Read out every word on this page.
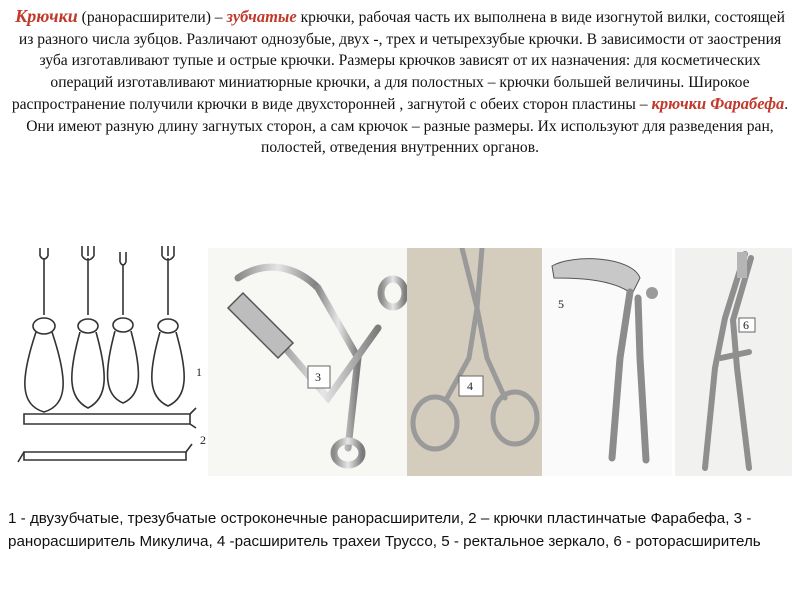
Крючки (ранорасширители) – зубчатые крючки, рабочая часть их выполнена в виде изогнутой вилки, состоящей из разного числа зубцов. Различают однозубые, двух -, трех и четырехзубые крючки. В зависимости от заострения зуба изготавливают тупые и острые крючки. Размеры крючков зависят от их назначения: для косметических операций изготавливают миниатюрные крючки, а для полостных – крючки большей величины. Широкое распространение получили крючки в виде двухсторонней , загнутой с обеих сторон пластины – крючки Фарабефа. Они имеют разную длину загнутых сторон, а сам крючок – разные размеры. Их используют для разведения ран, полостей, отведения внутренних органов.
1
2
3
4
5
6
1 - двузубчатые, трезубчатые остроконечные ранорасширители, 2 – крючки пластинчатые Фарабефа, 3 - ранорасширитель Микулича, 4 -расширитель трахеи Труссо, 5 - ректальное зеркало, 6 - роторасширитель
